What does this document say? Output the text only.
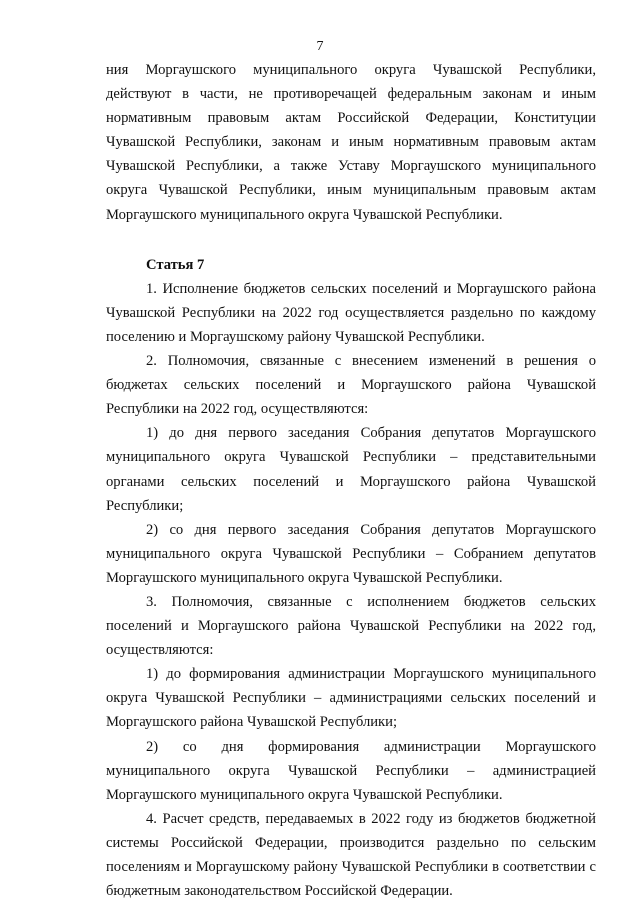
7

ния Моргаушского муниципального округа Чувашской Республики, действуют в части, не противоречащей федеральным законам и иным нормативным правовым актам Российской Федерации, Конституции Чувашской Республики, законам и иным нормативным правовым актам Чувашской Республики, а также Уставу Моргаушского муниципального округа Чувашской Республики, иным муниципальным правовым актам Моргаушского муниципального округа Чувашской Республики.

Статья 7

1. Исполнение бюджетов сельских поселений и Моргаушского района Чувашской Республики на 2022 год осуществляется раздельно по каждому поселению и Моргаушскому району Чувашской Республики.

2. Полномочия, связанные с внесением изменений в решения о бюджетах сельских поселений и Моргаушского района Чувашской Республики на 2022 год, осуществляются:

1) до дня первого заседания Собрания депутатов Моргаушского муниципального округа Чувашской Республики – представительными органами сельских поселений и Моргаушского района Чувашской Республики;

2) со дня первого заседания Собрания депутатов Моргаушского муниципального округа Чувашской Республики – Собранием депутатов Моргаушского муниципального округа Чувашской Республики.

3. Полномочия, связанные с исполнением бюджетов сельских поселений и Моргаушского района Чувашской Республики на 2022 год, осуществляются:

1) до формирования администрации Моргаушского муниципального округа Чувашской Республики – администрациями сельских поселений и Моргаушского района Чувашской Республики;

2) со дня формирования администрации Моргаушского муниципального округа Чувашской Республики – администрацией Моргаушского муниципального округа Чувашской Республики.

4. Расчет средств, передаваемых в 2022 году из бюджетов бюджетной системы Российской Федерации, производится раздельно по сельским поселениям и Моргаушскому району Чувашской Республики в соответствии с бюджетным законодательством Российской Федерации.
